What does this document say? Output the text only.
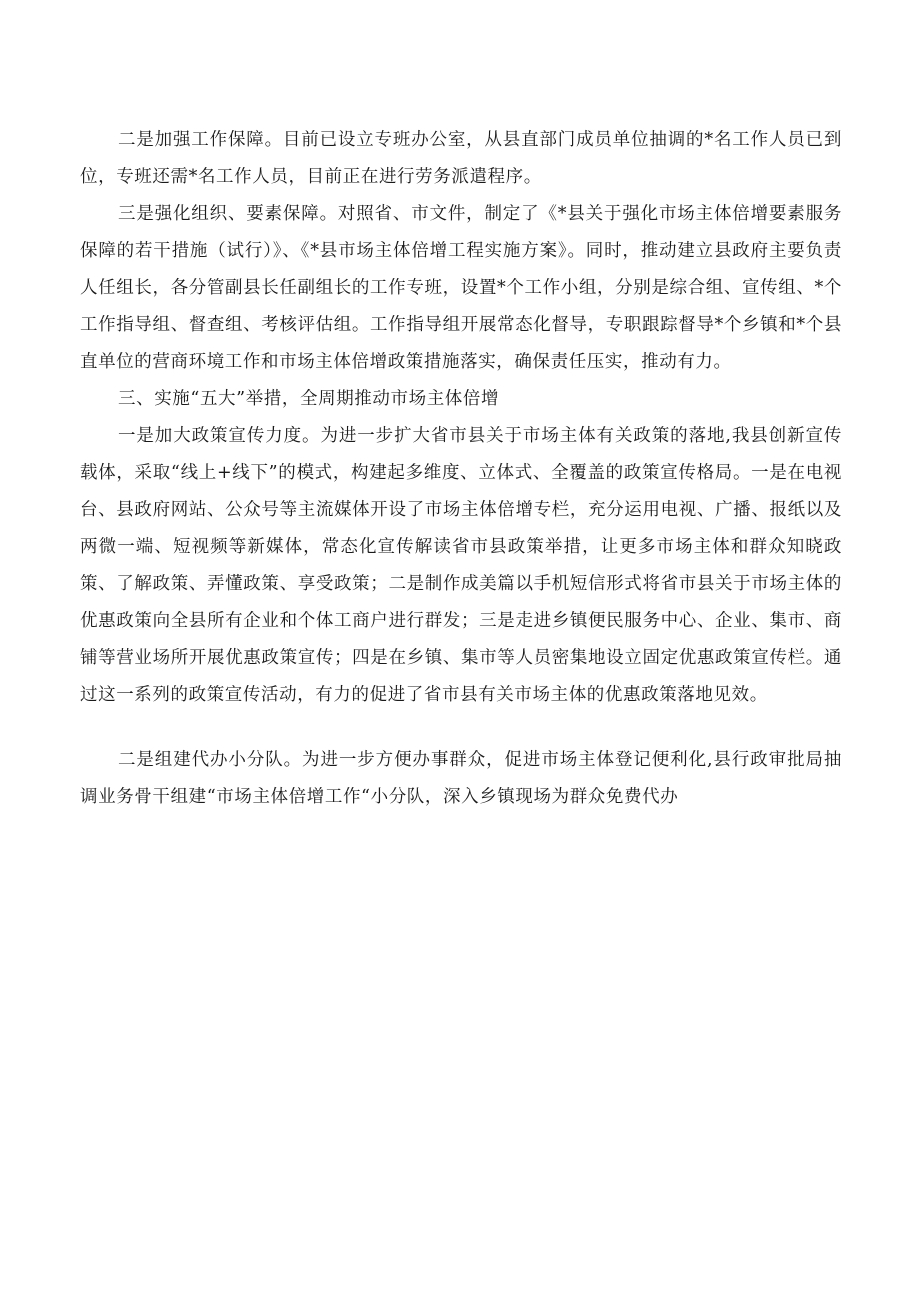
二是加强工作保障。目前已设立专班办公室，从县直部门成员单位抽调的*名工作人员已到位，专班还需*名工作人员，目前正在进行劳务派遣程序。

三是强化组织、要素保障。对照省、市文件，制定了《*县关于强化市场主体倍增要素服务保障的若干措施（试行）》、《*县市场主体倍增工程实施方案》。同时，推动建立县政府主要负责人任组长，各分管副县长任副组长的工作专班，设置*个工作小组，分别是综合组、宣传组、*个工作指导组、督查组、考核评估组。工作指导组开展常态化督导，专职跟踪督导*个乡镇和*个县直单位的营商环境工作和市场主体倍增政策措施落实，确保责任压实，推动有力。

三、实施“五大”举措，全周期推动市场主体倍增

一是加大政策宣传力度。为进一步扩大省市县关于市场主体有关政策的落地,我县创新宣传载体，采取“线上+线下”的模式，构建起多维度、立体式、全覆盖的政策宣传格局。一是在电视台、县政府网站、公众号等主流媒体开设了市场主体倍增专栏，充分运用电视、广播、报纸以及两微一端、短视频等新媒体，常态化宣传解读省市县政策举措，让更多市场主体和群众知晓政策、了解政策、弄懂政策、享受政策；二是制作成美篇以手机短信形式将省市县关于市场主体的优惠政策向全县所有企业和个体工商户进行群发；三是走进乡镇便民服务中心、企业、集市、商铺等营业场所开展优惠政策宣传；四是在乡镇、集市等人员密集地设立固定优惠政策宣传栏。通过这一系列的政策宣传活动，有力的促进了省市县有关市场主体的优惠政策落地见效。

二是组建代办小分队。为进一步方便办事群众，促进市场主体登记便利化,县行政审批局抽调业务骨干组建“市场主体倍增工作“小分队，深入乡镇现场为群众免费代办
